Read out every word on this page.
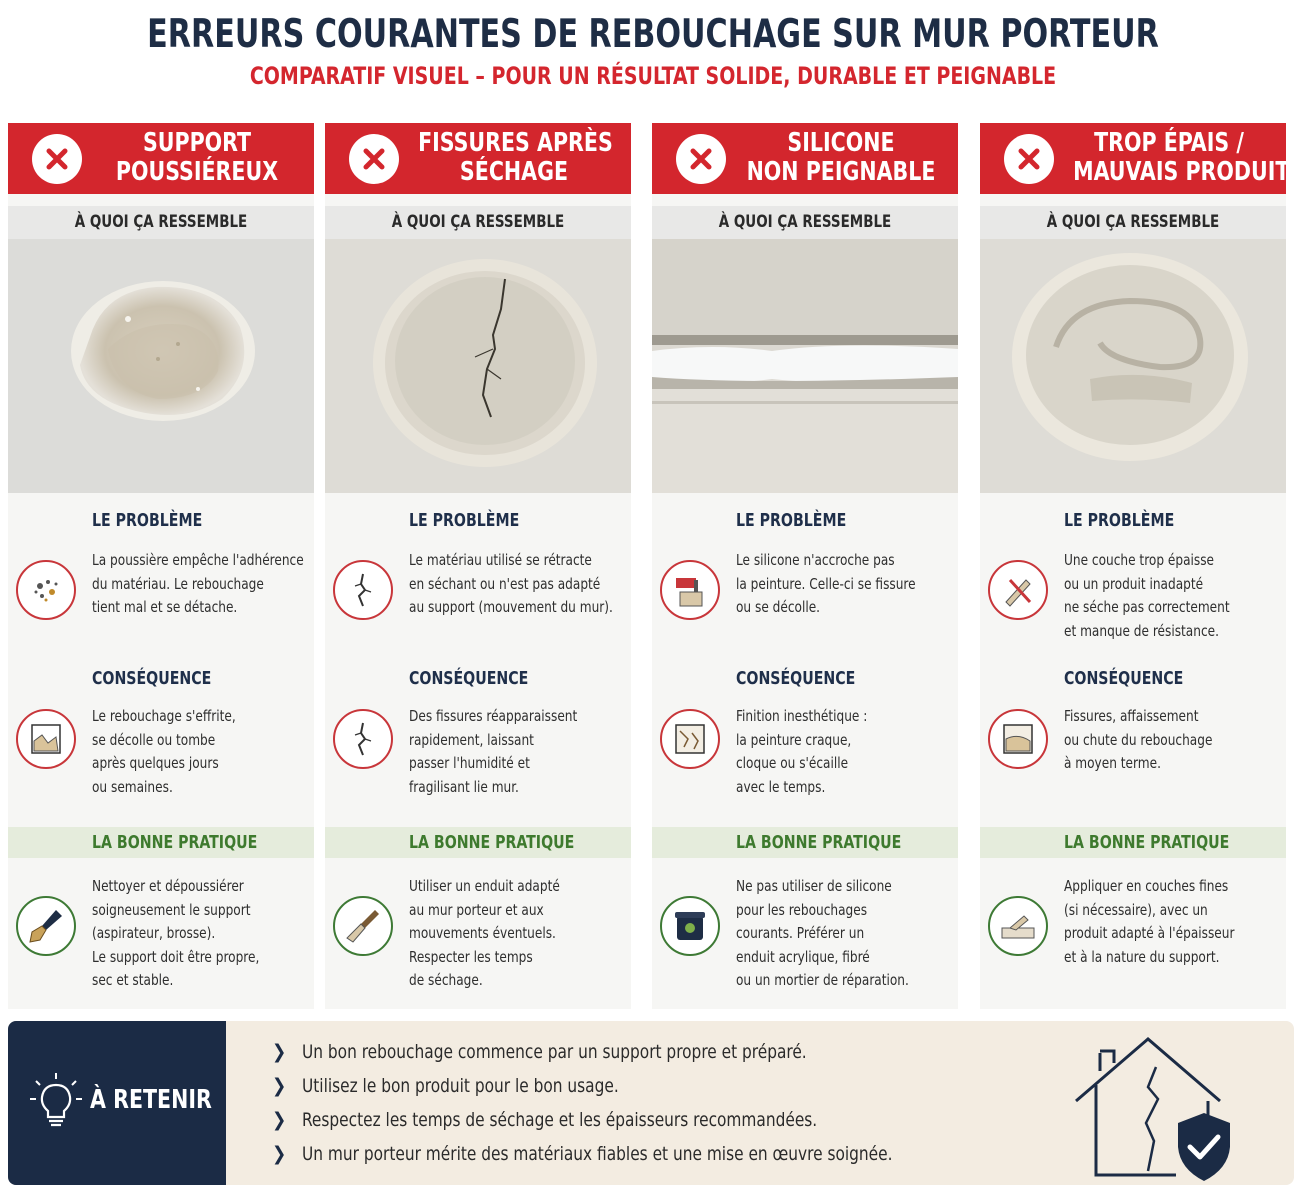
ERREURS COURANTES DE REBOUCHAGE SUR MUR PORTEUR
COMPARATIF VISUEL – POUR UN RÉSULTAT SOLIDE, DURABLE ET PEIGNABLE
SUPPORT
POUSSIÉREUX
À QUOI ÇA RESSEMBLE
LE PROBLÈME
La poussière empêche l'adhérence
du matériau. Le rebouchage
tient mal et se détache.
CONSÉQUENCE
Le rebouchage s'effrite,
se décolle ou tombe
après quelques jours
ou semaines.
LA BONNE PRATIQUE
Nettoyer et dépoussiérer
soigneusement le support
(aspirateur, brosse).
Le support doit être propre,
sec et stable.
FISSURES APRÈS
SÉCHAGE
À QUOI ÇA RESSEMBLE
LE PROBLÈME
Le matériau utilisé se rétracte
en séchant ou n'est pas adapté
au support (mouvement du mur).
CONSÉQUENCE
Des fissures réapparaissent
rapidement, laissant
passer l'humidité et
fragilisant lie mur.
LA BONNE PRATIQUE
Utiliser un enduit adapté
au mur porteur et aux
mouvements éventuels.
Respecter les temps
de séchage.
SILICONE
NON PEIGNABLE
À QUOI ÇA RESSEMBLE
LE PROBLÈME
Le silicone n'accroche pas
la peinture. Celle-ci se fissure
ou se décolle.
CONSÉQUENCE
Finition inesthétique :
la peinture craque,
cloque ou s'écaille
avec le temps.
LA BONNE PRATIQUE
Ne pas utiliser de silicone
pour les rebouchages
courants. Préférer un
enduit acrylique, fibré
ou un mortier de réparation.
TROP ÉPAIS /
MAUVAIS PRODUIT
À QUOI ÇA RESSEMBLE
LE PROBLÈME
Une couche trop épaisse
ou un produit inadapté
ne séche pas correctement
et manque de résistance.
CONSÉQUENCE
Fissures, affaissement
ou chute du rebouchage
à moyen terme.
LA BONNE PRATIQUE
Appliquer en couches fines
(si nécessaire), avec un
produit adapté à l'épaisseur
et à la nature du support.
À RETENIR
❯ Un bon rebouchage commence par un support propre et préparé.
❯ Utilisez le bon produit pour le bon usage.
❯ Respectez les temps de séchage et les épaisseurs recommandées.
❯ Un mur porteur mérite des matériaux fiables et une mise en œuvre soignée.
